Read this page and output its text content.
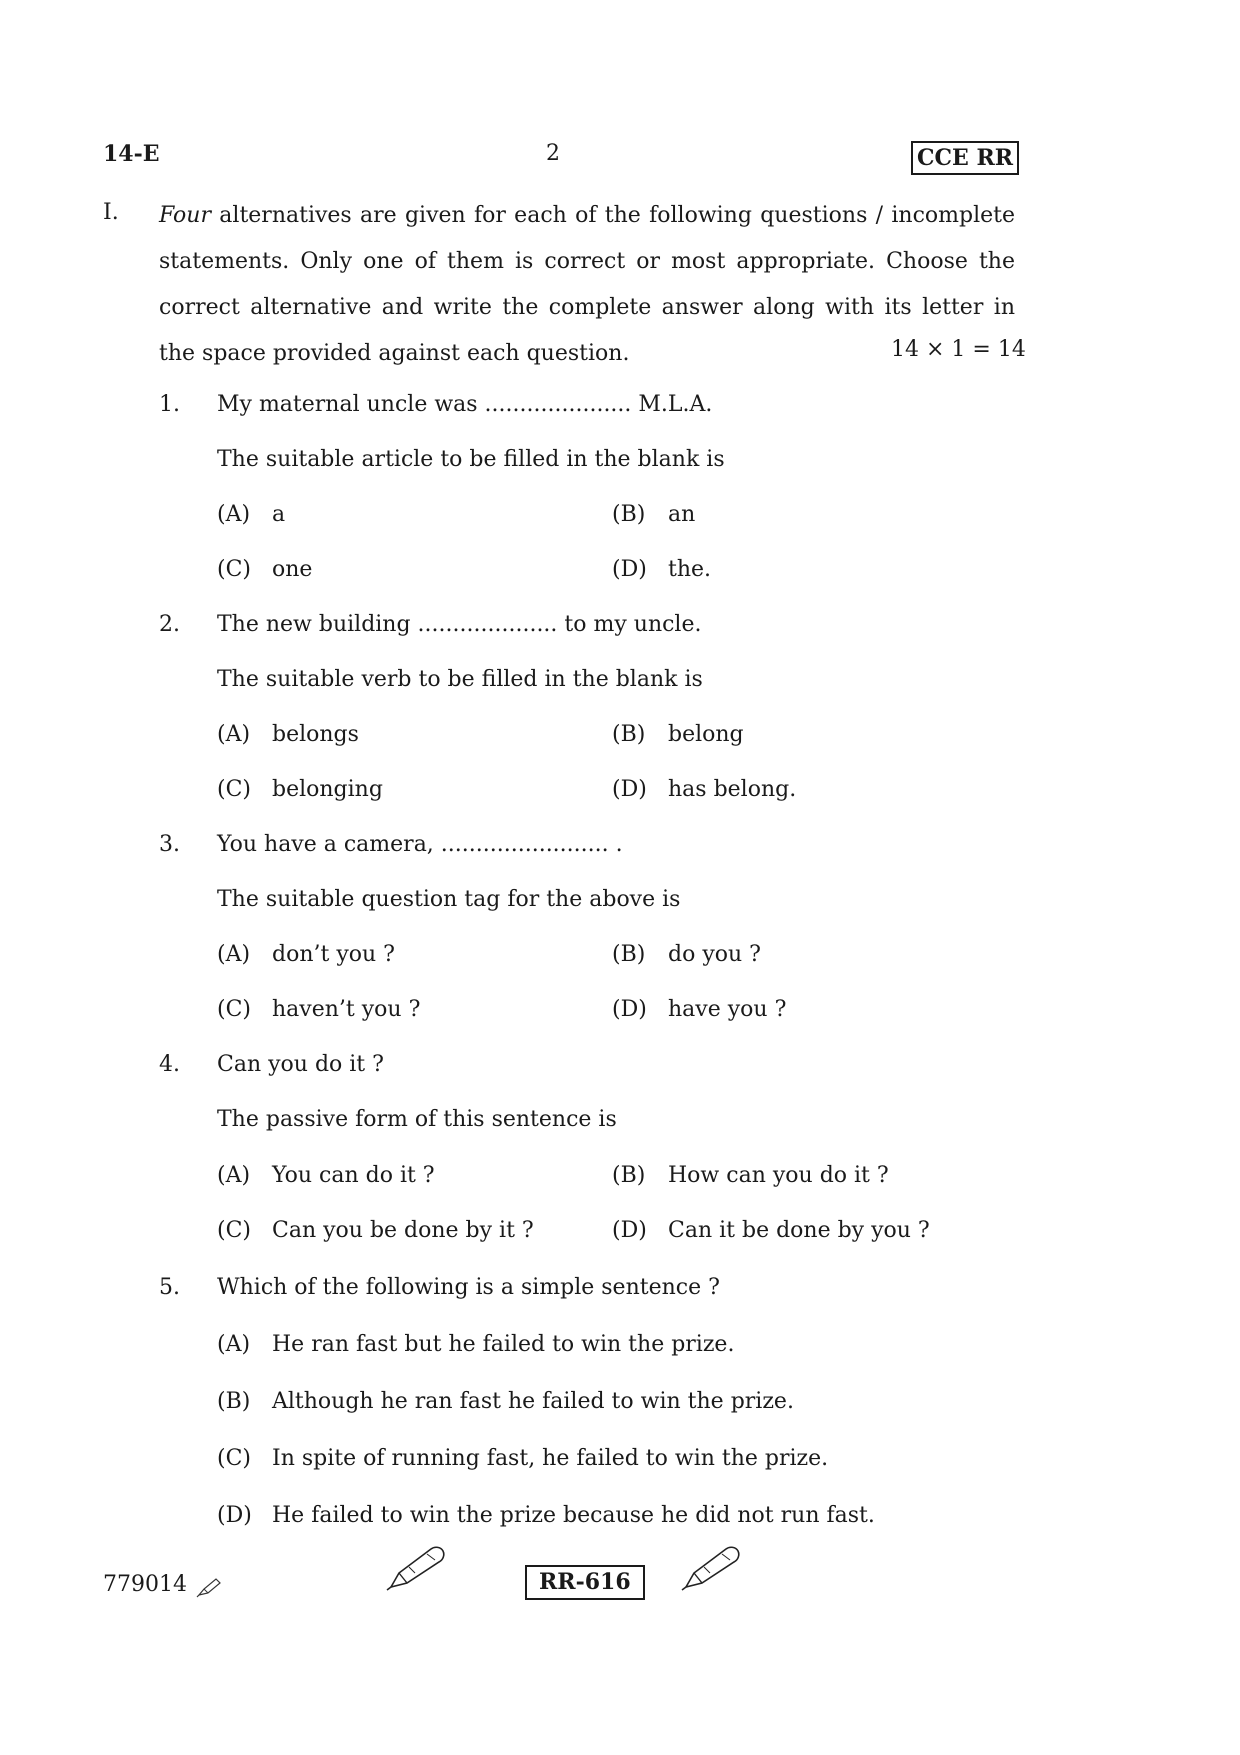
14-E	2	CCE RR
I. Four alternatives are given for each of the following questions / incomplete statements. Only one of them is correct or most appropriate. Choose the correct alternative and write the complete answer along with its letter in the space provided against each question.	14 × 1 = 14
1. My maternal uncle was ..................... M.L.A.
The suitable article to be filled in the blank is
(A) a	(B) an
(C) one	(D) the.
2. The new building .................... to my uncle.
The suitable verb to be filled in the blank is
(A) belongs	(B) belong
(C) belonging	(D) has belong.
3. You have a camera, ........................ .
The suitable question tag for the above is
(A) don’t you ?	(B) do you ?
(C) haven’t you ?	(D) have you ?
4. Can you do it ?
The passive form of this sentence is
(A) You can do it ?	(B) How can you do it ?
(C) Can you be done by it ?	(D) Can it be done by you ?
5. Which of the following is a simple sentence ?
(A) He ran fast but he failed to win the prize.
(B) Although he ran fast he failed to win the prize.
(C) In spite of running fast, he failed to win the prize.
(D) He failed to win the prize because he did not run fast.
779014	RR-616
